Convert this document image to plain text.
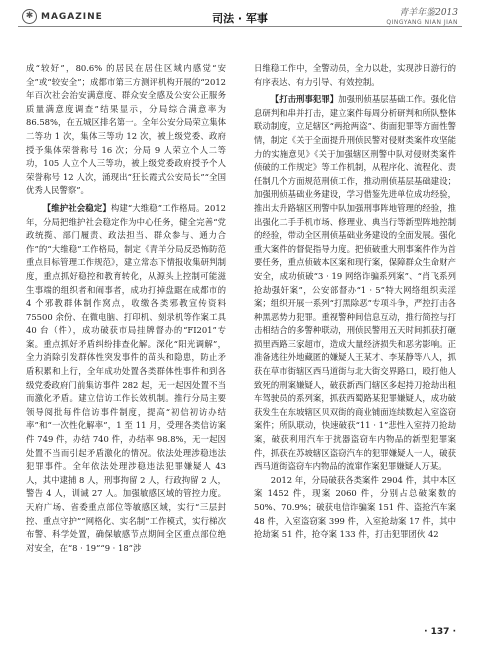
✱ MAGAZINE	司法 · 军事	青羊年鉴2013
QINGYANG NIAN JIAN

成“较好”，80.6% 的居民在居住区域内感觉“安全”或“较安全”；成都市第三方测评机构开展的“2012 年百次社会治安满意度、群众安全感及公安公正服务质量满意度调查”结果显示，分局综合满意率为 86.58%，在五城区排名第一。全年公安分局荣立集体二等功 1 次，集体三等功 12 次，被上级党委、政府授予集体荣誉称号 16 次；分局 9 人荣立个人二等功，105 人立个人三等功，被上级党委政府授予个人荣誉称号 12 人次，涌现出“狂长霞式公安局长”“全国优秀人民警察”。

【维护社会稳定】构建“大维稳”工作格局。2012 年，分局把维护社会稳定作为中心任务，健全完善“党政统揽、部门履责、政法担当、群众参与、通力合作”的“大维稳”工作格局，制定《青羊分局反恐怖防范重点目标管理工作规范》，建立常态下情报收集研判制度，重点抓好稳控和教育转化，从源头上控制可能滋生事端的组织者和闹事者，成功打掉盘踞在成都市的 4 个邪教群体制作窝点，收缴各类邪教宣传资料 75500 余份、在微电脑、打印机、刻录机等作案工具 40 台（件），成功破获市局挂牌督办的“FI201”专案。重点抓好矛盾纠纷排查化解。深化“阳光调解”，全力消除引发群体性突发事件的苗头和隐患，防止矛盾积累和上行，全年成功处置各类群体性事件和到各级党委政府门前集访事件 282 起，无一起因处置不当而激化矛盾。建立信访工作长效机制。推行分局主要领导阅批每件信访事件制度，提高“初信初访办结率”和“一次性化解率”，1 至 11 月，受理各类信访案件 749 件，办结 740 件，办结率 98.8%，无一起因处置不当而引起矛盾激化的情况。依法处理涉稳违法犯罪事件。全年依法处理涉稳违法犯罪嫌疑人 43 人，其中逮捕 8 人，刑事拘留 2 人，行政拘留 2 人，警告 4 人，训诫 27 人。加强敏感区域的管控力度。天府广场、省委重点部位等敏感区域，实行“三层封控、重点守护”“网格化、实名制”工作模式，实行梯次布警、科学处置，确保敏感节点期间全区重点部位绝对安全，在“8 · 19”“9 · 18”涉

日维稳工作中，全警动员，全力以赴，实现涉日游行的有序表达、有力引导、有效控制。

【打击刑事犯罪】加强刑侦基层基础工作。强化信息研判和串并打击，建立案件每周分析研判和所队整体联动制度，立足辖区“两抢两盗”、街面犯罪等方面性警情，制定《关于全面提升刑侦民警对侵财类案件攻坚能力的实施意见》《关于加强辖区刑警中队对侵财类案件侦破的工作规定》等工作机制，从程序化、流程化、责任制几个方面规范刑侦工作，推动刑侦基层基础建设；加强刑侦基础业务建设，学习借鉴先进单位成功经验，推出太升路辖区刑警中队加强刑事阵地管理的经验，推出强化二手手机市场、修理业、典当行等新型阵地控制的经验，带动全区刑侦基础业务建设的全面发展。强化重大案件的督促指导力度。把侦破重大刑事案件作为首要任务，重点侦破本区案和现行案，保障群众生命财产安全，成功侦破“3 · 19 网络诈骗系列案”、“肖飞系列抢劫强奸案”，公安部督办“1 · 5”特大网络组织卖淫案；组织开展一系列“打黑除恶”专项斗争，严控打击各种黑恶势力犯罪。重视警种间信息互动，推行简控与打击相结合的多警种联动，刑侦民警用五天时间抓获打砸损里西路三家超市，造成大量经济损失和恶劣影响。正准备逃往外地藏匿的嫌疑人王某才、李某静等八人，抓获在草市街辖区西马道街与北大街交界路口，殴打他人致死的刑案嫌疑人，破获新西门辖区多起持刀抢劫出租车驾驶员的系列案，抓获西蜀路某犯罪嫌疑人，成功破获发生在东坡辖区贝双街的商业铺面连续数起入室盗窃案件；所队联动，快速破获“11 · 1”悲性入室持刀抢劫案，破获利用汽车于扰器盗窃车内物品的新型犯罪案件，抓获在苏坡辖区盗窃汽车的犯罪嫌疑人一人，破获西马道街盗窃车内物品的流窜作案犯罪嫌疑人万某。

2012 年，分局破获各类案件 2904 件，其中本区案 1452 件，现案 2060 件，分别占总破案数的 50%、70.9%；破获电信诈骗案 151 件、盗抢汽车案 48 件，入室盗窃案 399 件，入室抢劫案 17 件，其中抢劫案 51 件，抢夺案 133 件，打击犯罪团伙 42

· 137 ·
